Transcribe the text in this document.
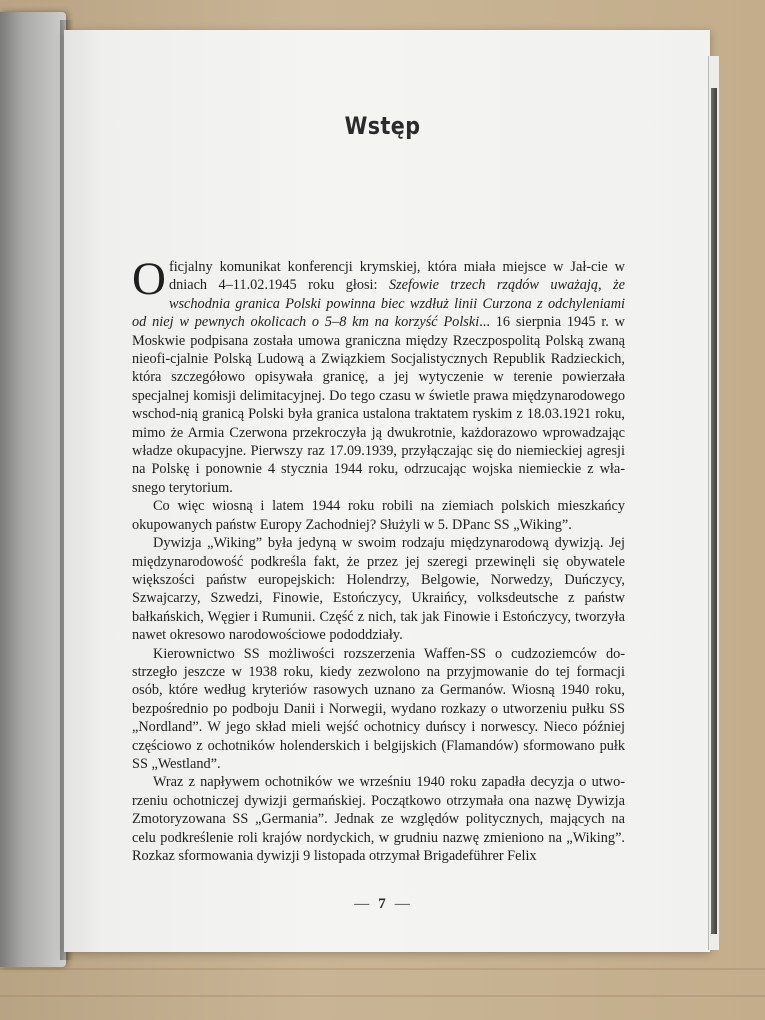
Wstęp

Oficjalny komunikat konferencji krymskiej, która miała miejsce w Jał-cie w dniach 4–11.02.1945 roku głosi: Szefowie trzech rządów uważają, że wschodnia granica Polski powinna biec wzdłuż linii Curzona z odchyleniami od niej w pewnych okolicach o 5–8 km na korzyść Polski... 16 sierpnia 1945 r. w Moskwie podpisana została umowa graniczna między Rzeczpospolitą Polską zwaną nieofi-cjalnie Polską Ludową a Związkiem Socjalistycznych Republik Radzieckich, która szczegółowo opisywała granicę, a jej wytyczenie w terenie powierzała specjalnej komisji delimitacyjnej. Do tego czasu w świetle prawa międzynarodowego wschod-nią granicą Polski była granica ustalona traktatem ryskim z 18.03.1921 roku, mimo że Armia Czerwona przekroczyła ją dwukrotnie, każdorazowo wprowadzając władze okupacyjne. Pierwszy raz 17.09.1939, przyłączając się do niemieckiej agresji na Polskę i ponownie 4 stycznia 1944 roku, odrzucając wojska niemieckie z wła-snego terytorium.

Co więc wiosną i latem 1944 roku robili na ziemiach polskich mieszkańcy okupowanych państw Europy Zachodniej? Służyli w 5. DPanc SS „Wiking”.

Dywizja „Wiking” była jedyną w swoim rodzaju międzynarodową dywizją. Jej międzynarodowość podkreśla fakt, że przez jej szeregi przewinęli się obywatele większości państw europejskich: Holendrzy, Belgowie, Norwedzy, Duńczycy, Szwajcarzy, Szwedzi, Finowie, Estończycy, Ukraińcy, volksdeutsche z państw bałkańskich, Węgier i Rumunii. Część z nich, tak jak Finowie i Estończycy, tworzyła nawet okresowo narodowościowe pododdziały.

Kierownictwo SS możliwości rozszerzenia Waffen-SS o cudzoziemców do-strzegło jeszcze w 1938 roku, kiedy zezwolono na przyjmowanie do tej formacji osób, które według kryteriów rasowych uznano za Germanów. Wiosną 1940 roku, bezpośrednio po podboju Danii i Norwegii, wydano rozkazy o utworzeniu pułku SS „Nordland”. W jego skład mieli wejść ochotnicy duńscy i norwescy. Nieco później częściowo z ochotników holenderskich i belgijskich (Flamandów) sformowano pułk SS „Westland”.

Wraz z napływem ochotników we wrześniu 1940 roku zapadła decyzja o utwo-rzeniu ochotniczej dywizji germańskiej. Początkowo otrzymała ona nazwę Dywizja Zmotoryzowana SS „Germania”. Jednak ze względów politycznych, mających na celu podkreślenie roli krajów nordyckich, w grudniu nazwę zmieniono na „Wiking”. Rozkaz sformowania dywizji 9 listopada otrzymał Brigadeführer Felix

— 7 —
